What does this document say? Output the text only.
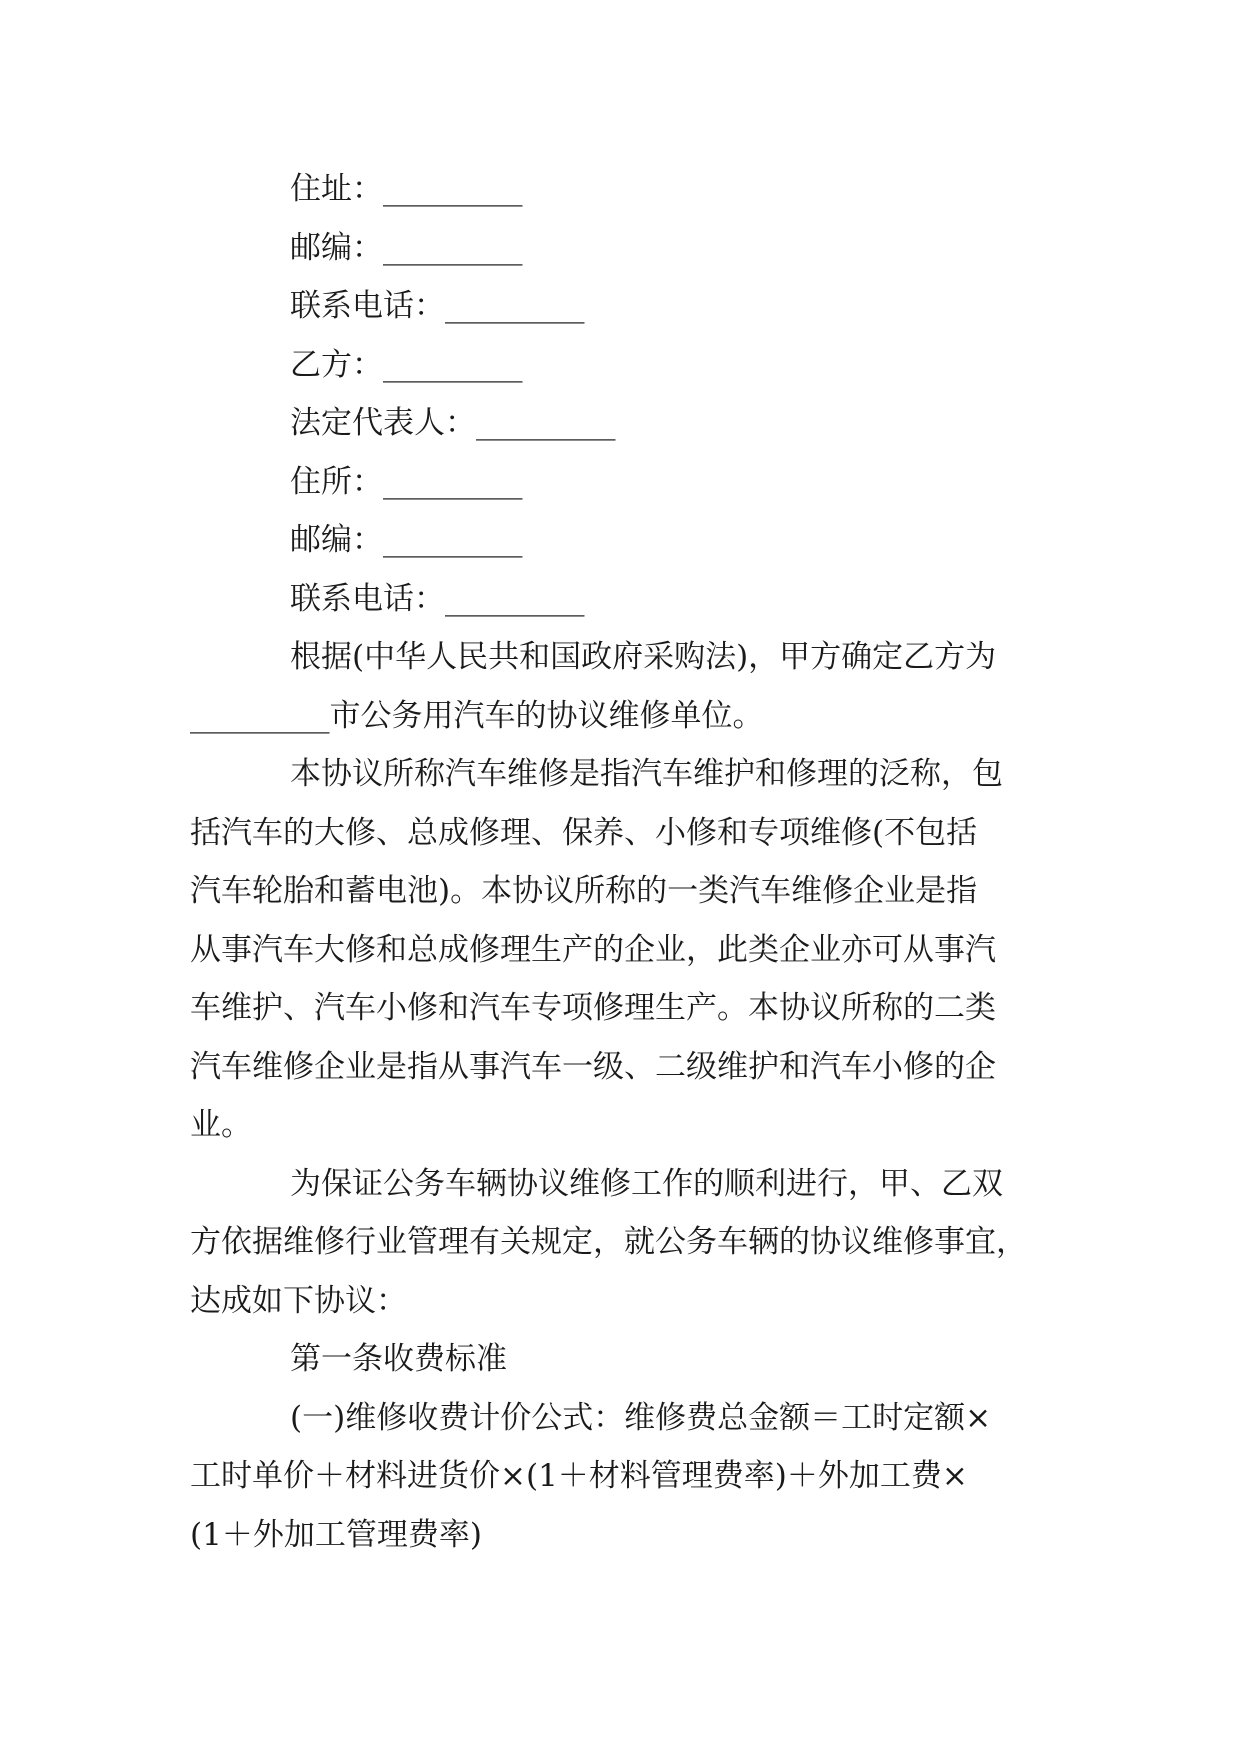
住址：_________
邮编：_________
联系电话：_________
乙方：_________
法定代表人：_________
住所：_________
邮编：_________
联系电话：_________
根据(中华人民共和国政府采购法)，甲方确定乙方为
_________市公务用汽车的协议维修单位。
本协议所称汽车维修是指汽车维护和修理的泛称，包
括汽车的大修、总成修理、保养、小修和专项维修(不包括
汽车轮胎和蓄电池)。本协议所称的一类汽车维修企业是指
从事汽车大修和总成修理生产的企业，此类企业亦可从事汽
车维护、汽车小修和汽车专项修理生产。本协议所称的二类
汽车维修企业是指从事汽车一级、二级维护和汽车小修的企
业。
为保证公务车辆协议维修工作的顺利进行，甲、乙双
方依据维修行业管理有关规定，就公务车辆的协议维修事宜，
达成如下协议：
第一条收费标准
(一)维修收费计价公式：维修费总金额＝工时定额×
工时单价＋材料进货价×(1＋材料管理费率)＋外加工费×
(1＋外加工管理费率)
